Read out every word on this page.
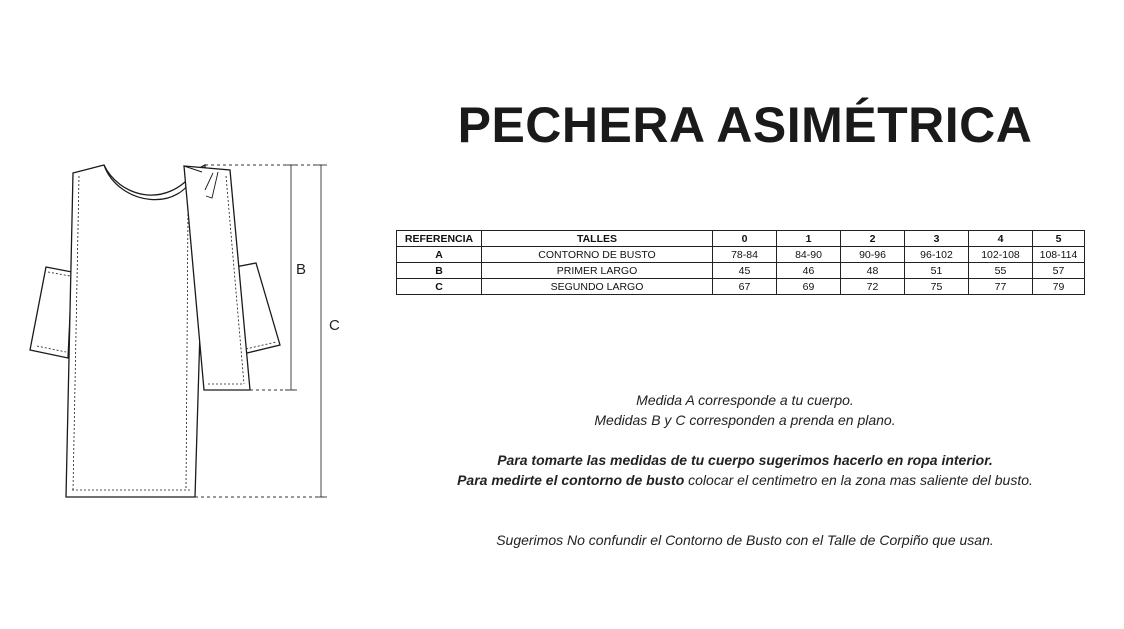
B
C
PECHERA ASIMÉTRICA
REFERENCIA	TALLES	0	1	2	3	4	5
A	CONTORNO DE BUSTO	78-84	84-90	90-96	96-102	102-108	108-114
B	PRIMER LARGO	45	46	48	51	55	57
C	SEGUNDO LARGO	67	69	72	75	77	79
Medida A corresponde a tu cuerpo.
Medidas B y C corresponden a prenda en plano.
Para tomarte las medidas de tu cuerpo sugerimos hacerlo en ropa interior.
Para medirte el contorno de busto colocar el centimetro en la zona mas saliente del busto.
Sugerimos No confundir el Contorno de Busto con el Talle de Corpiño que usan.
